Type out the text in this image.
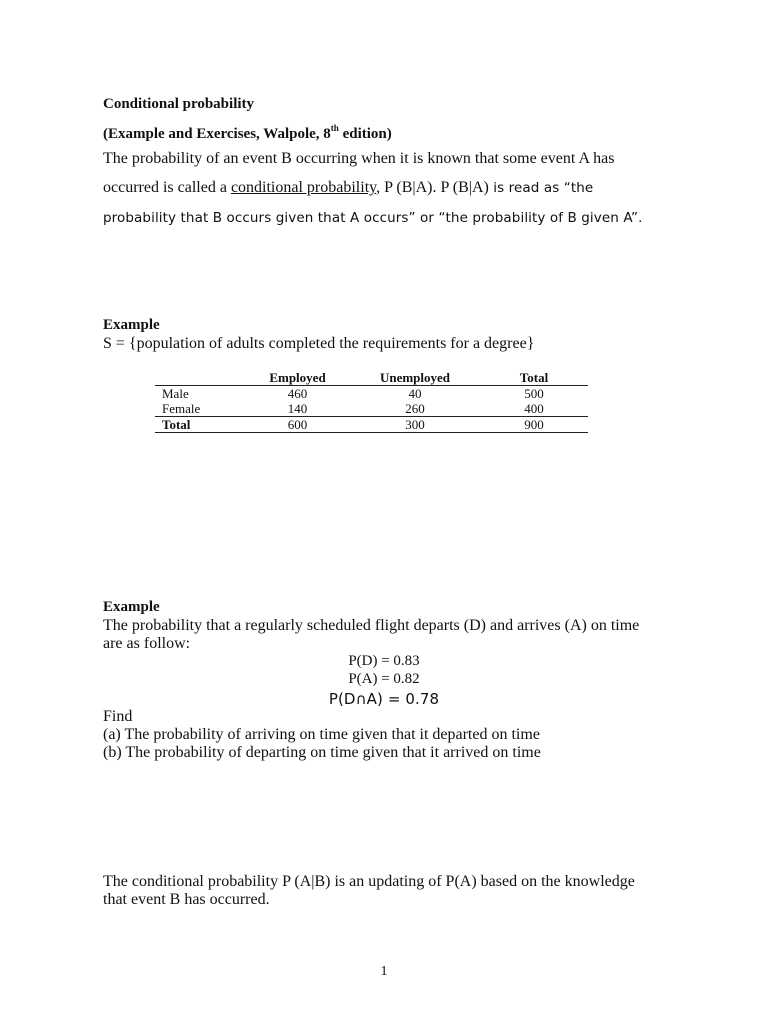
Conditional probability
(Example and Exercises, Walpole, 8th edition)
The probability of an event B occurring when it is known that some event A has
occurred is called a conditional probability, P (B|A). P (B|A) is read as “the
probability that B occurs given that A occurs” or “the probability of B given A”.
Example
S = {population of adults completed the requirements for a degree}
	Employed	Unemployed	Total
Male	460	40	500
Female	140	260	400
Total	600	300	900
Example
The probability that a regularly scheduled flight departs (D) and arrives (A) on time
are as follow:
P(D) = 0.83
P(A) = 0.82
P(D∩A) = 0.78
Find
(a) The probability of arriving on time given that it departed on time
(b) The probability of departing on time given that it arrived on time
The conditional probability P (A|B) is an updating of P(A) based on the knowledge
that event B has occurred.
1
